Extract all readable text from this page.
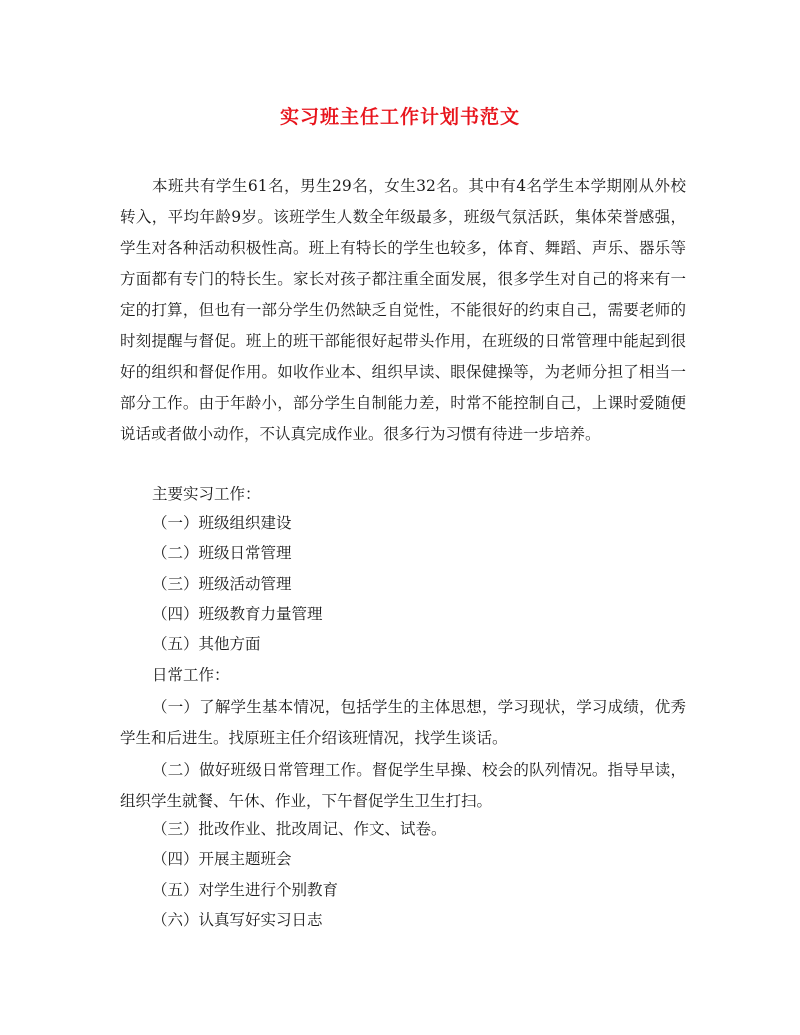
实习班主任工作计划书范文

本班共有学生61名，男生29名，女生32名。其中有4名学生本学期刚从外校转入，平均年龄9岁。该班学生人数全年级最多，班级气氛活跃，集体荣誉感强，学生对各种活动积极性高。班上有特长的学生也较多，体育、舞蹈、声乐、器乐等方面都有专门的特长生。家长对孩子都注重全面发展，很多学生对自己的将来有一定的打算，但也有一部分学生仍然缺乏自觉性，不能很好的约束自己，需要老师的时刻提醒与督促。班上的班干部能很好起带头作用，在班级的日常管理中能起到很好的组织和督促作用。如收作业本、组织早读、眼保健操等，为老师分担了相当一部分工作。由于年龄小，部分学生自制能力差，时常不能控制自己，上课时爱随便说话或者做小动作，不认真完成作业。很多行为习惯有待进一步培养。

主要实习工作：

（一）班级组织建设

（二）班级日常管理

（三）班级活动管理

（四）班级教育力量管理

（五）其他方面

日常工作：

（一）了解学生基本情况，包括学生的主体思想，学习现状，学习成绩，优秀学生和后进生。找原班主任介绍该班情况，找学生谈话。

（二）做好班级日常管理工作。督促学生早操、校会的队列情况。指导早读，组织学生就餐、午休、作业，下午督促学生卫生打扫。

（三）批改作业、批改周记、作文、试卷。

（四）开展主题班会

（五）对学生进行个别教育

（六）认真写好实习日志
